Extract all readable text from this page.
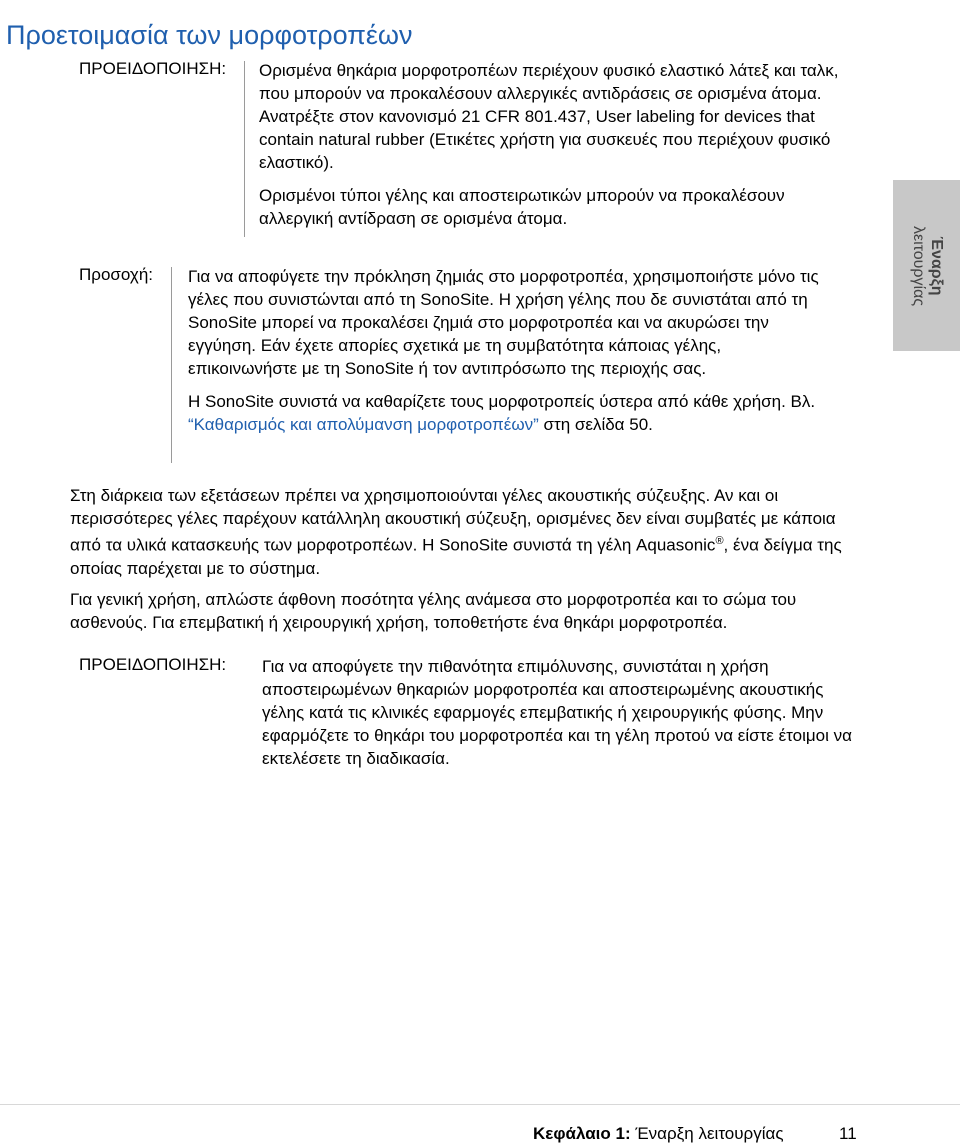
Προετοιμασία των μορφοτροπέων
ΠΡΟΕΙΔΟΠΟΙΗΣΗ: Ορισμένα θηκάρια μορφοτροπέων περιέχουν φυσικό ελαστικό λάτεξ και ταλκ, που μπορούν να προκαλέσουν αλλεργικές αντιδράσεις σε ορισμένα άτομα. Ανατρέξτε στον κανονισμό 21 CFR 801.437, User labeling for devices that contain natural rubber (Ετικέτες χρήστη για συσκευές που περιέχουν φυσικό ελαστικό).

Ορισμένοι τύποι γέλης και αποστειρωτικών μπορούν να προκαλέσουν αλλεργική αντίδραση σε ορισμένα άτομα.

Προσοχή: Για να αποφύγετε την πρόκληση ζημιάς στο μορφοτροπέα, χρησιμοποιήστε μόνο τις γέλες που συνιστώνται από τη SonoSite. Η χρήση γέλης που δε συνιστάται από τη SonoSite μπορεί να προκαλέσει ζημιά στο μορφοτροπέα και να ακυρώσει την εγγύηση. Εάν έχετε απορίες σχετικά με τη συμβατότητα κάποιας γέλης, επικοινωνήστε με τη SonoSite ή τον αντιπρόσωπο της περιοχής σας.

Η SonoSite συνιστά να καθαρίζετε τους μορφοτροπείς ύστερα από κάθε χρήση. Βλ. “Καθαρισμός και απολύμανση μορφοτροπέων” στη σελίδα 50.

Στη διάρκεια των εξετάσεων πρέπει να χρησιμοποιούνται γέλες ακουστικής σύζευξης. Αν και οι περισσότερες γέλες παρέχουν κατάλληλη ακουστική σύζευξη, ορισμένες δεν είναι συμβατές με κάποια από τα υλικά κατασκευής των μορφοτροπέων. Η SonoSite συνιστά τη γέλη Aquasonic®, ένα δείγμα της οποίας παρέχεται με το σύστημα.

Για γενική χρήση, απλώστε άφθονη ποσότητα γέλης ανάμεσα στο μορφοτροπέα και το σώμα του ασθενούς. Για επεμβατική ή χειρουργική χρήση, τοποθετήστε ένα θηκάρι μορφοτροπέα.

ΠΡΟΕΙΔΟΠΟΙΗΣΗ: Για να αποφύγετε την πιθανότητα επιμόλυνσης, συνιστάται η χρήση αποστειρωμένων θηκαριών μορφοτροπέα και αποστειρωμένης ακουστικής γέλης κατά τις κλινικές εφαρμογές επεμβατικής ή χειρουργικής φύσης. Μην εφαρμόζετε το θηκάρι του μορφοτροπέα και τη γέλη προτού να είστε έτοιμοι να εκτελέσετε τη διαδικασία.

Έναρξη
λειτουργίας
Κεφάλαιο 1: Έναρξη λειτουργίας	11
